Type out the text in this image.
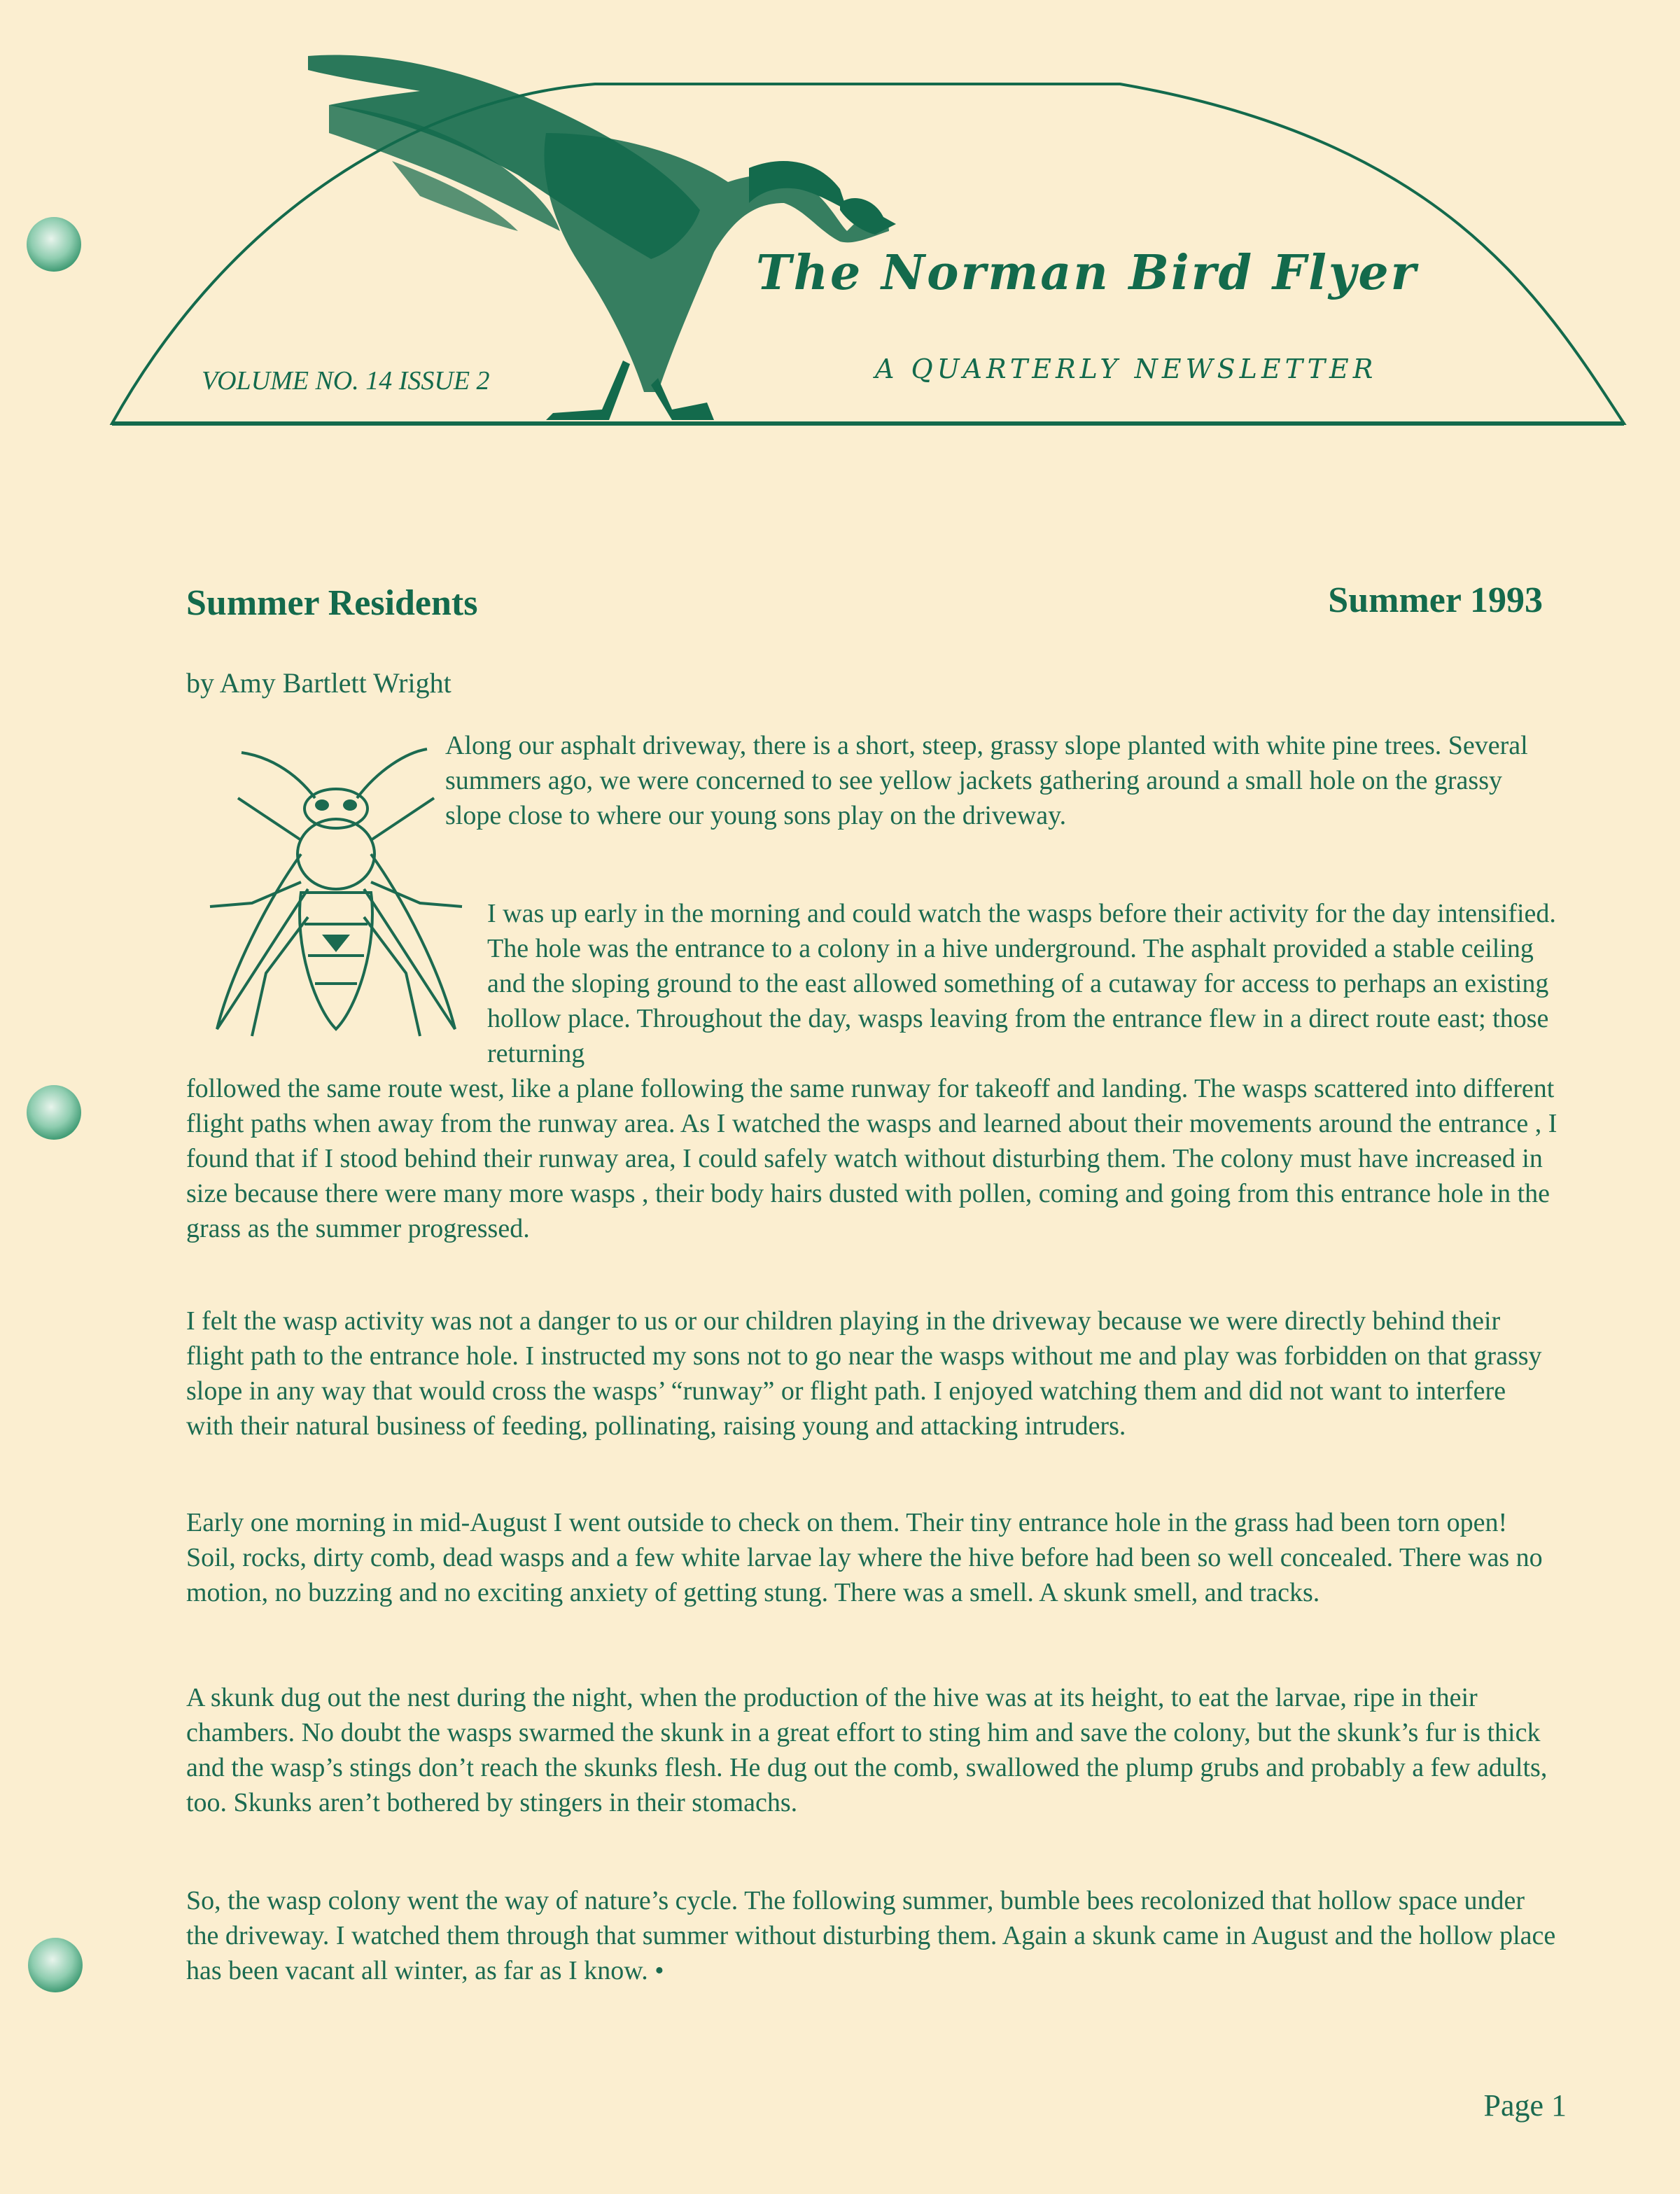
The Norman Bird Flyer
A QUARTERLY NEWSLETTER
VOLUME NO. 14 ISSUE 2
Summer Residents	Summer 1993
by Amy Bartlett Wright

Along our asphalt driveway, there is a short, steep, grassy slope planted with white pine trees. Several summers ago, we were concerned to see yellow jackets gathering around a small hole on the grassy slope close to where our young sons play on the driveway.

I was up early in the morning and could watch the wasps before their activity for the day intensified. The hole was the entrance to a colony in a hive underground. The asphalt provided a stable ceiling and the sloping ground to the east allowed something of a cutaway for access to perhaps an existing hollow place. Throughout the day, wasps leaving from the entrance flew in a direct route east; those returning

followed the same route west, like a plane following the same runway for takeoff and landing. The wasps scattered into different flight paths when away from the runway area. As I watched the wasps and learned about their movements around the entrance , I found that if I stood behind their runway area, I could safely watch without disturbing them. The colony must have increased in size because there were many more wasps , their body hairs dusted with pollen, coming and going from this entrance hole in the grass as the summer progressed.

I felt the wasp activity was not a danger to us or our children playing in the driveway because we were directly behind their flight path to the entrance hole. I instructed my sons not to go near the wasps without me and play was forbidden on that grassy slope in any way that would cross the wasps’ “runway” or flight path. I enjoyed watching them and did not want to interfere with their natural business of feeding, pollinating, raising young and attacking intruders.

Early one morning in mid-August I went outside to check on them. Their tiny entrance hole in the grass had been torn open! Soil, rocks, dirty comb, dead wasps and a few white larvae lay where the hive before had been so well concealed. There was no motion, no buzzing and no exciting anxiety of getting stung. There was a smell. A skunk smell, and tracks.

A skunk dug out the nest during the night, when the production of the hive was at its height, to eat the larvae, ripe in their chambers. No doubt the wasps swarmed the skunk in a great effort to sting him and save the colony, but the skunk’s fur is thick and the wasp’s stings don’t reach the skunks flesh. He dug out the comb, swallowed the plump grubs and probably a few adults, too. Skunks aren’t bothered by stingers in their stomachs.

So, the wasp colony went the way of nature’s cycle. The following summer, bumble bees recolonized that hollow space under the driveway. I watched them through that summer without disturbing them. Again a skunk came in August and the hollow place has been vacant all winter, as far as I know. •

Page 1
